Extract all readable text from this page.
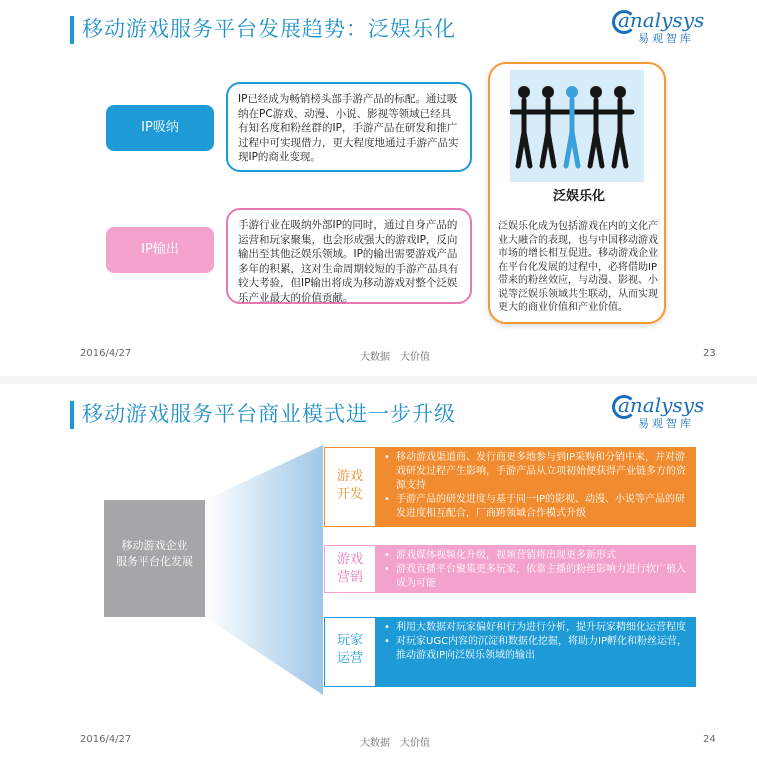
移动游戏服务平台发展趋势：泛娱乐化	analysys
易观智库
IP吸纳
IP已经成为畅销榜头部手游产品的标配。通过吸纳在PC游戏、动漫、小说、影视等领域已经具有知名度和粉丝群的IP，手游产品在研发和推广过程中可实现借力，更大程度地通过手游产品实现IP的商业变现。
IP输出
手游行业在吸纳外部IP的同时，通过自身产品的运营和玩家聚集，也会形成强大的游戏IP，反向输出至其他泛娱乐领域。IP的输出需要游戏产品多年的积累，这对生命周期较短的手游产品具有较大考验，但IP输出将成为移动游戏对整个泛娱乐产业最大的价值贡献。
泛娱乐化
泛娱乐化成为包括游戏在内的文化产业大融合的表现，也与中国移动游戏市场的增长相互促进。移动游戏企业在平台化发展的过程中，必将借助IP带来的粉丝效应，与动漫、影视、小说等泛娱乐领域共生联动，从而实现更大的商业价值和产业价值。
2016/4/27	大数据　大价值	23
移动游戏服务平台商业模式进一步升级	analysys
易观智库
移动游戏企业
服务平台化发展
游戏
开发
• 移动游戏渠道商、发行商更多地参与到IP采购和分销中来，并对游戏研发过程产生影响，手游产品从立项初始便获得产业链多方的资源支持
• 手游产品的研发进度与基于同一IP的影视、动漫、小说等产品的研发进度相互配合，厂商跨领域合作模式升级
游戏
营销
• 游戏媒体视频化升级，视频营销将出现更多新形式
• 游戏直播平台聚集更多玩家，依靠主播的粉丝影响力进行软广植入成为可能
玩家
运营
• 利用大数据对玩家偏好和行为进行分析，提升玩家精细化运营程度
• 对玩家UGC内容的沉淀和数据化挖掘，将助力IP孵化和粉丝运营，推动游戏IP向泛娱乐领域的输出
2016/4/27	大数据　大价值	24
